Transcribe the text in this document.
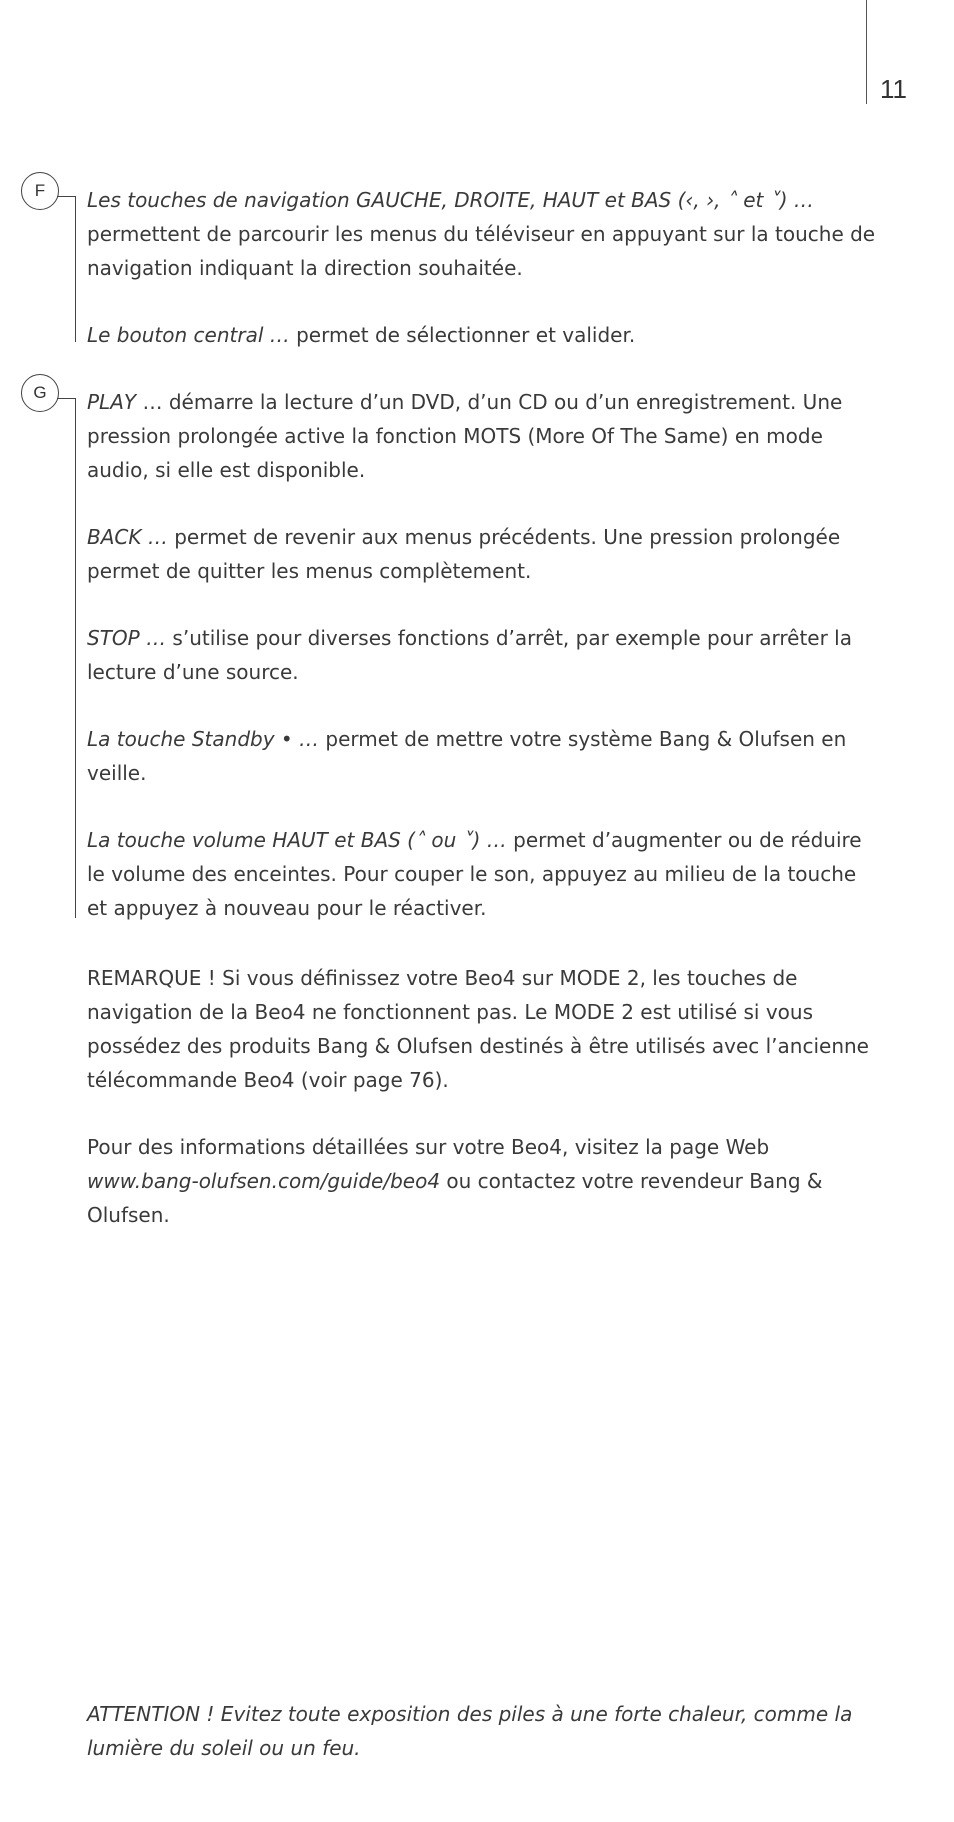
11
F
G

Les touches de navigation GAUCHE, DROITE, HAUT et BAS (‹, ›, ˄ et ˅) …
permettent de parcourir les menus du téléviseur en appuyant sur la touche de navigation indiquant la direction souhaitée.

Le bouton central … permet de sélectionner et valider.

PLAY … démarre la lecture d’un DVD, d’un CD ou d’un enregistrement. Une pression prolongée active la fonction MOTS (More Of The Same) en mode audio, si elle est disponible.

BACK … permet de revenir aux menus précédents. Une pression prolongée permet de quitter les menus complètement.

STOP … s’utilise pour diverses fonctions d’arrêt, par exemple pour arrêter la lecture d’une source.

La touche Standby • … permet de mettre votre système Bang & Olufsen en veille.

La touche volume HAUT et BAS (˄ ou ˅) … permet d’augmenter ou de réduire le volume des enceintes. Pour couper le son, appuyez au milieu de la touche et appuyez à nouveau pour le réactiver.

REMARQUE ! Si vous définissez votre Beo4 sur MODE 2, les touches de navigation de la Beo4 ne fonctionnent pas. Le MODE 2 est utilisé si vous possédez des produits Bang & Olufsen destinés à être utilisés avec l’ancienne télécommande Beo4 (voir page 76).

Pour des informations détaillées sur votre Beo4, visitez la page Web
www.bang-olufsen.com/guide/beo4 ou contactez votre revendeur Bang & Olufsen.

ATTENTION ! Evitez toute exposition des piles à une forte chaleur, comme la lumière du soleil ou un feu.
